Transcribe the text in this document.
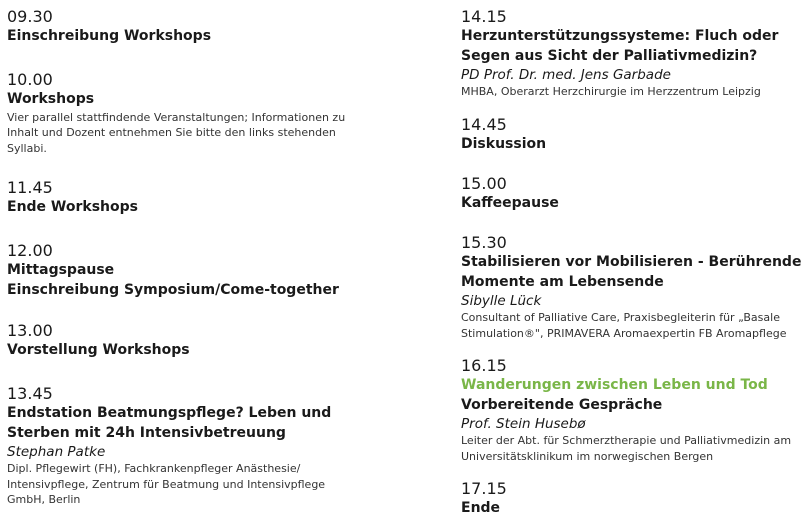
09.30
Einschreibung Workshops
10.00
Workshops
Vier parallel stattfindende Veranstaltungen; Informationen zu Inhalt und Dozent entnehmen Sie bitte den links stehenden Syllabi.
11.45
Ende Workshops
12.00
Mittagspause
Einschreibung Symposium/Come-together
13.00
Vorstellung Workshops
13.45
Endstation Beatmungspflege? Leben und Sterben mit 24h Intensivbetreuung
Stephan Patke
Dipl. Pflegewirt (FH), Fachkrankenpfleger Anästhesie/ Intensivpflege, Zentrum für Beatmung und Intensivpflege GmbH, Berlin
14.15
Herzunterstützungssysteme: Fluch oder Segen aus Sicht der Palliativmedizin?
PD Prof. Dr. med. Jens Garbade
MHBA, Oberarzt Herzchirurgie im Herzzentrum Leipzig
14.45
Diskussion
15.00
Kaffeepause
15.30
Stabilisieren vor Mobilisieren - Berührende Momente am Lebensende
Sibylle Lück
Consultant of Palliative Care, Praxisbegleiterin für „Basale Stimulation®", PRIMAVERA Aromaexpertin FB Aromapflege
16.15
Wanderungen zwischen Leben und Tod
Vorbereitende Gespräche
Prof. Stein Husebø
Leiter der Abt. für Schmerztherapie und Palliativmedizin am Universitätsklinikum im norwegischen Bergen
17.15
Ende
